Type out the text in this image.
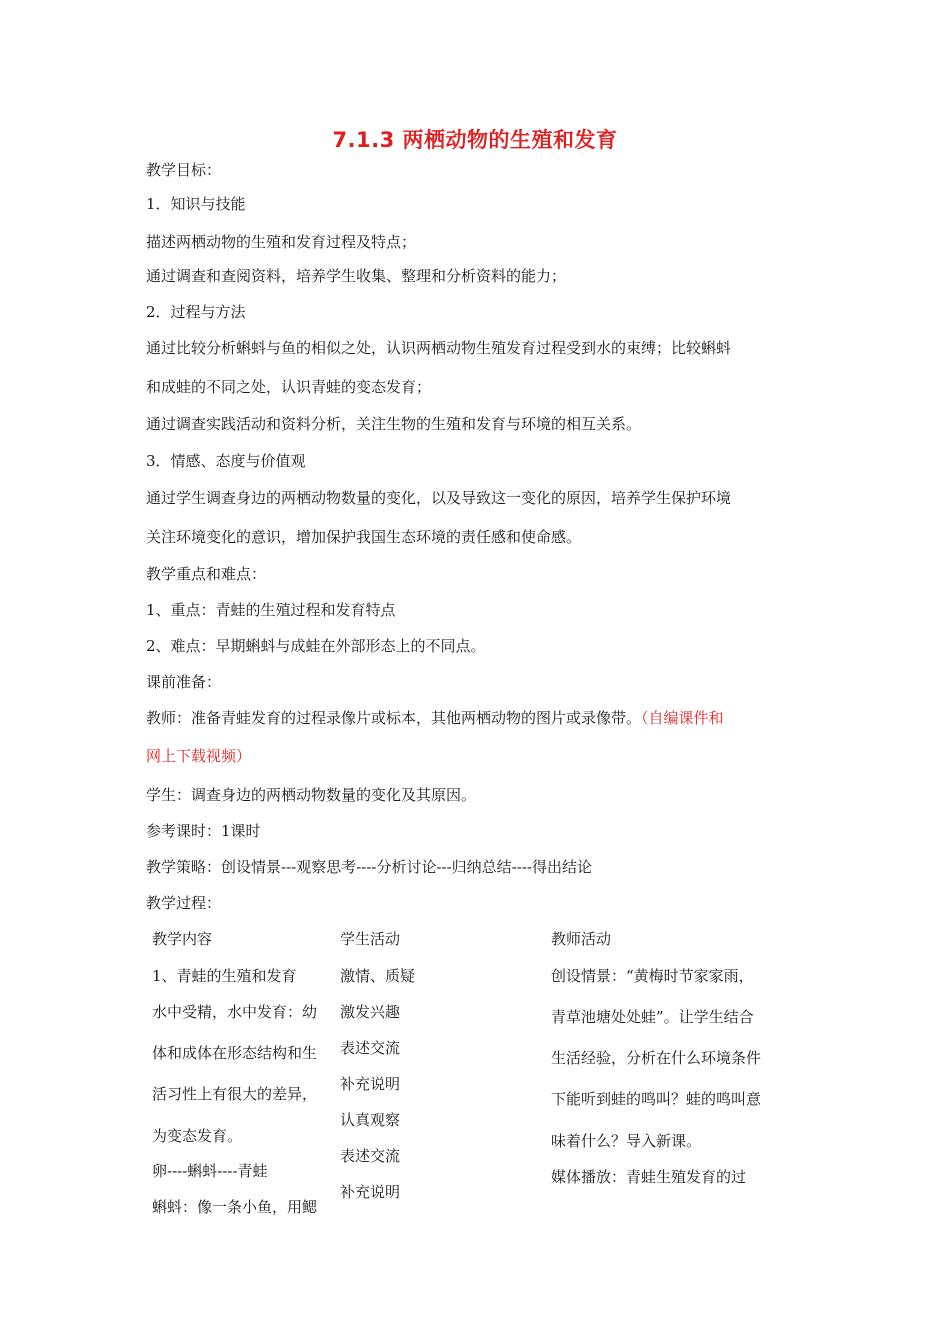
7.1.3 两栖动物的生殖和发育
教学目标：
1．知识与技能
描述两栖动物的生殖和发育过程及特点；
通过调查和查阅资料，培养学生收集、整理和分析资料的能力；
2．过程与方法
通过比较分析蝌蚪与鱼的相似之处，认识两栖动物生殖发育过程受到水的束缚；比较蝌蚪
和成蛙的不同之处，认识青蛙的变态发育；
通过调查实践活动和资料分析，关注生物的生殖和发育与环境的相互关系。
3．情感、态度与价值观
通过学生调查身边的两栖动物数量的变化，以及导致这一变化的原因，培养学生保护环境
关注环境变化的意识，增加保护我国生态环境的责任感和使命感。
教学重点和难点：
1、重点：青蛙的生殖过程和发育特点
2、难点：早期蝌蚪与成蛙在外部形态上的不同点。
课前准备：
教师：准备青蛙发育的过程录像片或标本，其他两栖动物的图片或录像带。（自编课件和
网上下载视频）
学生：调查身边的两栖动物数量的变化及其原因。
参考课时：1课时
教学策略：创设情景---观察思考----分析讨论---归纳总结----得出结论
教学过程：
教学内容
1、青蛙的生殖和发育
水中受精，水中发育：幼
体和成体在形态结构和生
活习性上有很大的差异，
为变态发育。
卵----蝌蚪----青蛙
蝌蚪：像一条小鱼，用鳃
学生活动
激情、质疑
激发兴趣
表述交流
补充说明
认真观察
表述交流
补充说明
教师活动
创设情景：“黄梅时节家家雨，
青草池塘处处蛙”。让学生结合
生活经验，分析在什么环境条件
下能听到蛙的鸣叫？蛙的鸣叫意
味着什么？导入新课。
媒体播放：青蛙生殖发育的过
